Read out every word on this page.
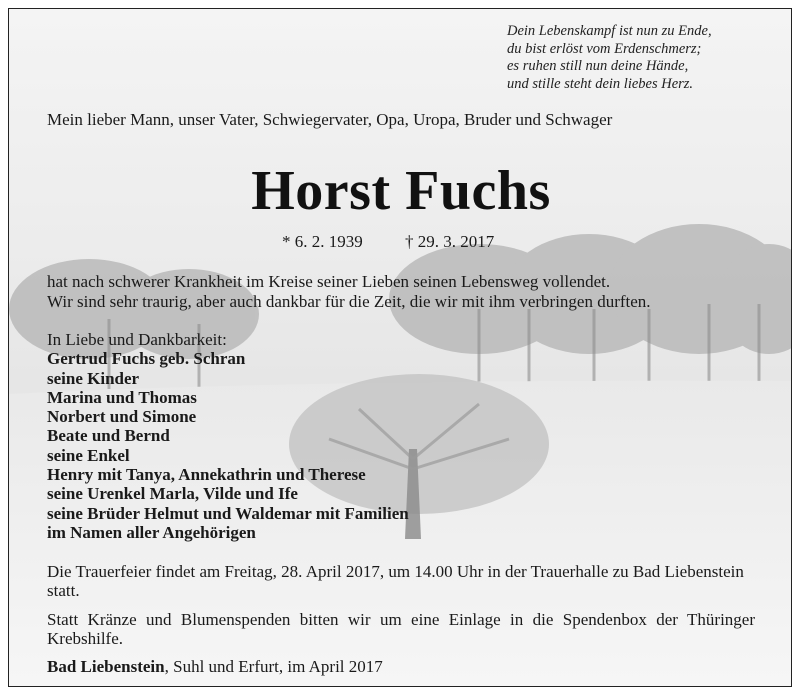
Dein Lebenskampf ist nun zu Ende,
du bist erlöst vom Erdenschmerz;
es ruhen still nun deine Hände,
und stille steht dein liebes Herz.
Mein lieber Mann, unser Vater, Schwiegervater, Opa, Uropa, Bruder und Schwager
Horst Fuchs
* 6. 2. 1939 † 29. 3. 2017
hat nach schwerer Krankheit im Kreise seiner Lieben seinen Lebensweg vollendet.
Wir sind sehr traurig, aber auch dankbar für die Zeit, die wir mit ihm verbringen durften.
In Liebe und Dankbarkeit:
Gertrud Fuchs geb. Schran
seine Kinder
Marina und Thomas
Norbert und Simone
Beate und Bernd
seine Enkel
Henry mit Tanya, Annekathrin und Therese
seine Urenkel Marla, Vilde und Ife
seine Brüder Helmut und Waldemar mit Familien
im Namen aller Angehörigen
Die Trauerfeier findet am Freitag, 28. April 2017, um 14.00 Uhr in der Trauerhalle zu Bad Liebenstein statt.
Statt Kränze und Blumenspenden bitten wir um eine Einlage in die Spendenbox der Thüringer Krebshilfe.
Bad Liebenstein, Suhl und Erfurt, im April 2017
